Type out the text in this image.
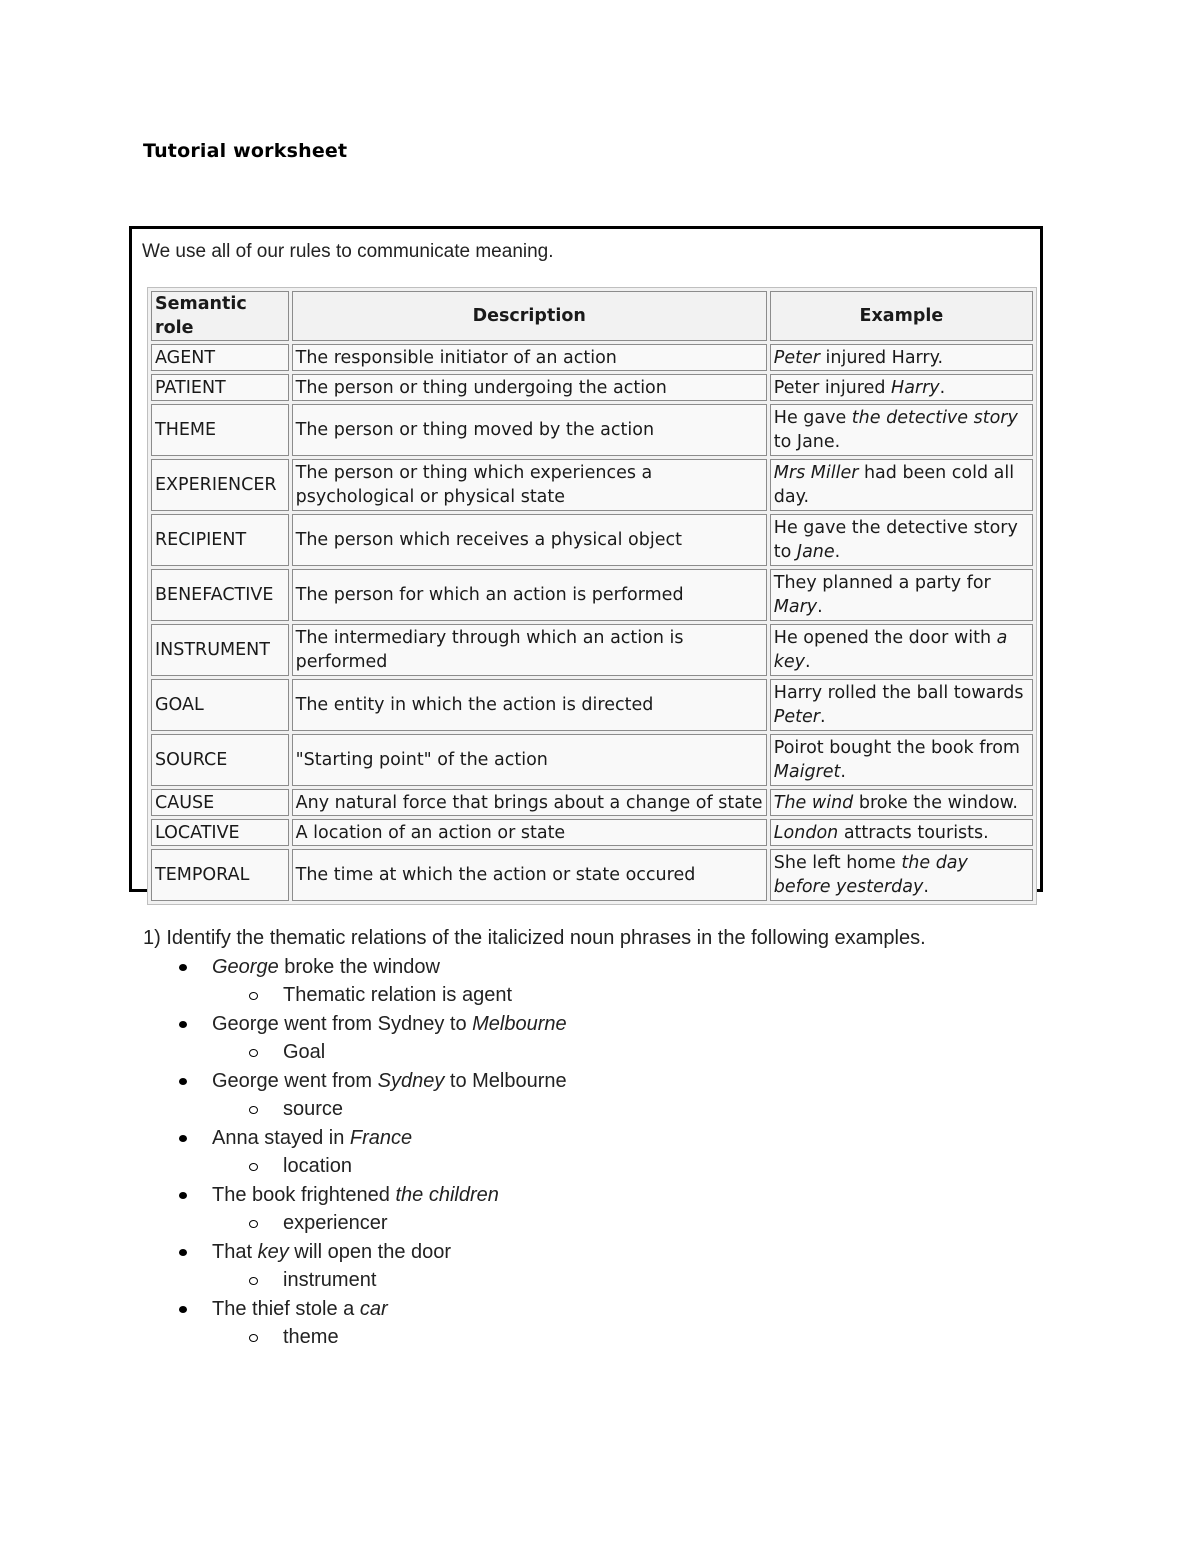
Tutorial worksheet
We use all of our rules to communicate meaning.
Semantic role	Description	Example
AGENT	The responsible initiator of an action	Peter injured Harry.
PATIENT	The person or thing undergoing the action	Peter injured Harry.
THEME	The person or thing moved by the action	He gave the detective story to Jane.
EXPERIENCER	The person or thing which experiences a psychological or physical state	Mrs Miller had been cold all day.
RECIPIENT	The person which receives a physical object	He gave the detective story to Jane.
BENEFACTIVE	The person for which an action is performed	They planned a party for Mary.
INSTRUMENT	The intermediary through which an action is performed	He opened the door with a key.
GOAL	The entity in which the action is directed	Harry rolled the ball towards Peter.
SOURCE	"Starting point" of the action	Poirot bought the book from Maigret.
CAUSE	Any natural force that brings about a change of state	The wind broke the window.
LOCATIVE	A location of an action or state	London attracts tourists.
TEMPORAL	The time at which the action or state occured	She left home the day before yesterday.
1) Identify the thematic relations of the italicized noun phrases in the following examples.
George broke the window
Thematic relation is agent
George went from Sydney to Melbourne
Goal
George went from Sydney to Melbourne
source
Anna stayed in France
location
The book frightened the children
experiencer
That key will open the door
instrument
The thief stole a car
theme
